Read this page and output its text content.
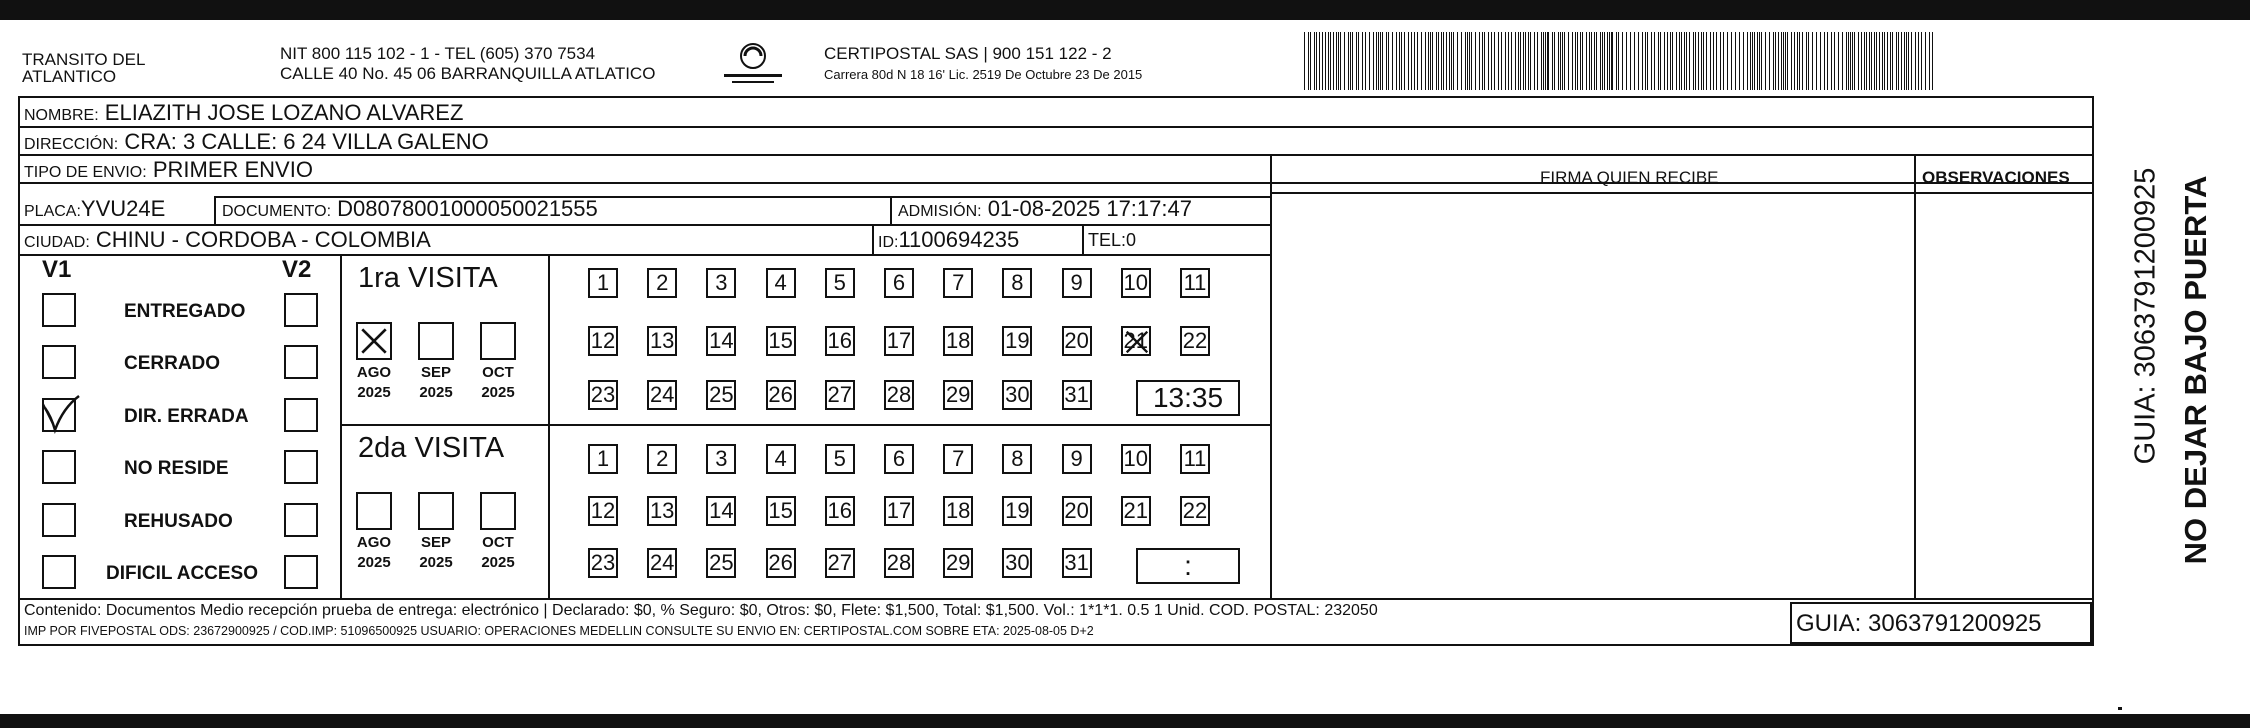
TRANSITO DEL
ATLANTICO
NIT 800 115 102 - 1 - TEL (605) 370 7534
CALLE 40 No. 45 06 BARRANQUILLA ATLATICO
CERTIPOSTAL SAS | 900 151 122 - 2
Carrera 80d N 18 16' Lic. 2519 De Octubre 23 De 2015
NOMBRE: ELIAZITH JOSE LOZANO ALVAREZ
DIRECCIÓN: CRA: 3 CALLE: 6 24 VILLA GALENO
TIPO DE ENVIO: PRIMER ENVIO	FIRMA QUIEN RECIBE	OBSERVACIONES
PLACA:YVU24E	DOCUMENTO: D08078001000050021555	ADMISIÓN: 01-08-2025 17:17:47
CIUDAD: CHINU - CORDOBA - COLOMBIA	ID:1100694235	TEL:0
V1	V2
ENTREGADO
CERRADO
DIR. ERRADA
NO RESIDE
REHUSADO
DIFICIL ACCESO
1ra VISITA
2da VISITA
AGO
2025
SEP
2025
OCT
2025
AGO
2025
SEP
2025
OCT
2025
1	2	3	4	5	6	7	8	9	10 11
12 13 14 15 16 17 18 19 20 21 22
23 24 25 26 27 28 29 30 31	13:35
1	2	3	4	5	6	7	8	9	10 11
12 13 14 15 16 17 18 19 20 21 22
23 24 25 26 27 28 29 30 31	:
Contenido: Documentos Medio recepción prueba de entrega: electrónico | Declarado: $0, % Seguro: $0, Otros: $0, Flete: $1,500, Total: $1,500. Vol.: 1*1*1. 0.5 1 Unid. COD. POSTAL: 232050
IMP POR FIVEPOSTAL ODS: 23672900925 / COD.IMP: 51096500925 USUARIO: OPERACIONES MEDELLIN CONSULTE SU ENVIO EN: CERTIPOSTAL.COM SOBRE ETA: 2025-08-05 D+2	GUIA: 3063791200925
NO DEJAR BAJO PUERTA
GUIA: 3063791200925
